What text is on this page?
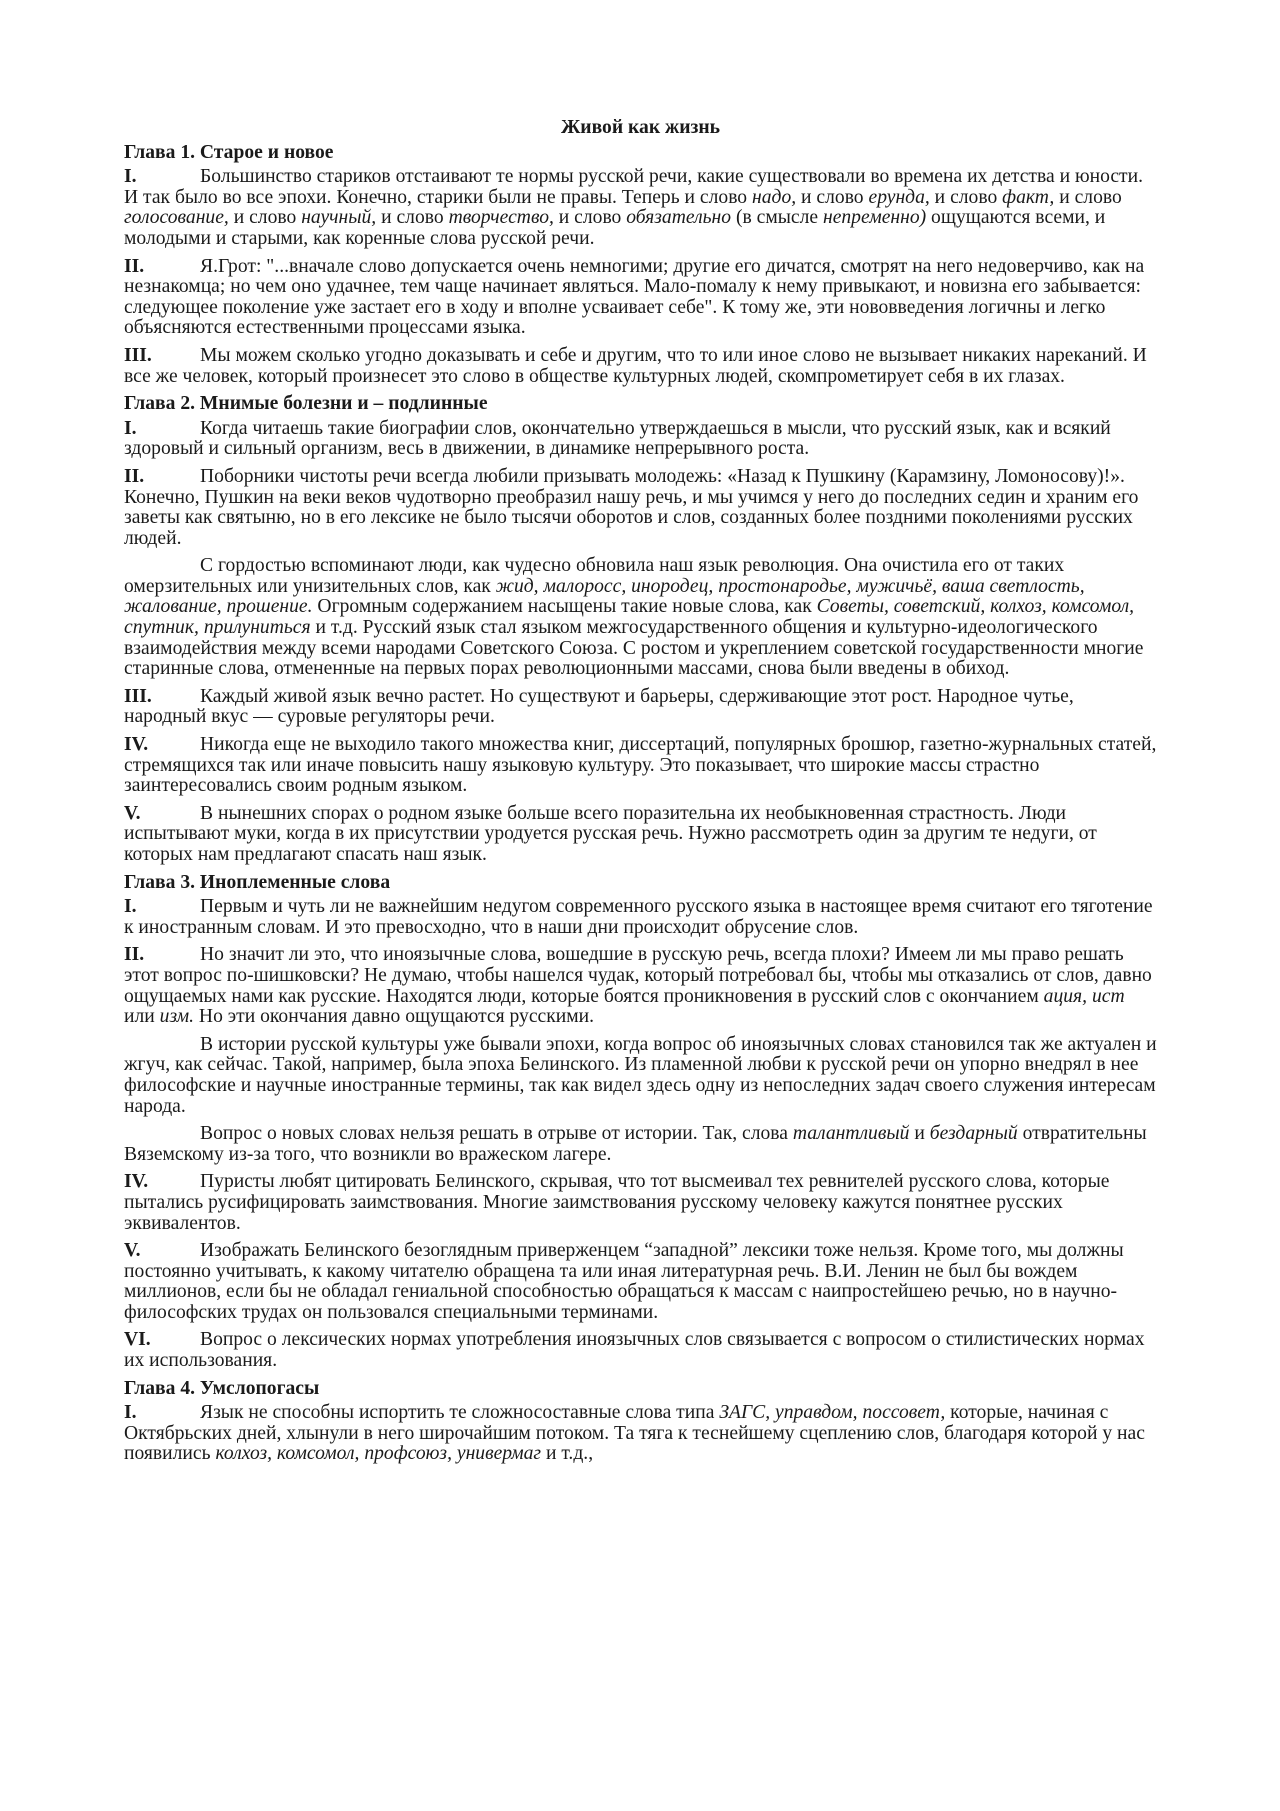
Живой как жизнь
Глава 1. Старое и новое

I.	Большинство стариков отстаивают те нормы русской речи, какие существовали во времена их детства и юности. И так было во все эпохи. Конечно, старики были не правы. Теперь и слово надо, и слово ерунда, и слово факт, и слово голосование, и слово научный, и слово творчество, и слово обязательно (в смысле непременно) ощущаются всеми, и молодыми и старыми, как коренные слова русской речи.

II.	Я.Грот: "...вначале слово допускается очень немногими; другие его дичатся, смотрят на него недоверчиво, как на незнакомца; но чем оно удачнее, тем чаще начинает являться. Мало-помалу к нему привыкают, и новизна его забывается: следующее поколение уже застает его в ходу и вполне усваивает себе". К тому же, эти нововведения логичны и легко объясняются естественными процессами языка.

III. Мы можем сколько угодно доказывать и себе и другим, что то или иное слово не вызывает никаких нареканий. И все же человек, который произнесет это слово в обществе культурных людей, скомпрометирует себя в их глазах.

Глава 2. Мнимые болезни и – подлинные

I.	Когда читаешь такие биографии слов, окончательно утверждаешься в мысли, что русский язык, как и всякий здоровый и сильный организм, весь в движении, в динамике непрерывного роста.

II.	Поборники чистоты речи всегда любили призывать молодежь: «Назад к Пушкину (Карамзину, Ломоносову)!». Конечно, Пушкин на веки веков чудотворно преобразил нашу речь, и мы учимся у него до последних седин и храним его заветы как святыню, но в его лексике не было тысячи оборотов и слов, созданных более поздними поколениями русских людей.

С гордостью вспоминают люди, как чудесно обновила наш язык революция. Она очистила его от таких омерзительных или унизительных слов, как жид, малоросс, инородец, простонародье, мужичьё, ваша светлость, жалование, прошение. Огромным содержанием насыщены такие новые слова, как Советы, советский, колхоз, комсомол, спутник, прилуниться и т.д. Русский язык стал языком межгосударственного общения и культурно-идеологического взаимодействия между всеми народами Советского Союза. С ростом и укреплением советской государственности многие старинные слова, отмененные на первых порах революционными массами, снова были введены в обиход.

III. Каждый живой язык вечно растет. Но существуют и барьеры, сдерживающие этот рост. Народное чутье, народный вкус — суровые регуляторы речи.

IV.	Никогда еще не выходило такого множества книг, диссертаций, популярных брошюр, газетно-журнальных статей, стремящихся так или иначе повысить нашу языковую культуру. Это показывает, что широкие массы страстно заинтересовались своим родным языком.

V.	В нынешних спорах о родном языке больше всего поразительна их необыкновенная страстность. Люди испытывают муки, когда в их присутствии уродуется русская речь. Нужно рассмотреть один за другим те недуги, от которых нам предлагают спасать наш язык.

Глава 3. Иноплеменные слова

I.	Первым и чуть ли не важнейшим недугом современного русского языка в настоящее время считают его тяготение к иностранным словам. И это превосходно, что в наши дни происходит обрусение слов.

II.	Но значит ли это, что иноязычные слова, вошедшие в русскую речь, всегда плохи? Имеем ли мы право решать этот вопрос по-шишковски? Не думаю, чтобы нашелся чудак, который потребовал бы, чтобы мы отказались от слов, давно ощущаемых нами как русские. Находятся люди, которые боятся проникновения в русский слов с окончанием ация, ист или изм. Но эти окончания давно ощущаются русскими.

В истории русской культуры уже бывали эпохи, когда вопрос об иноязычных словах становился так же актуален и жгуч, как сейчас. Такой, например, была эпоха Белинского. Из пламенной любви к русской речи он упорно внедрял в нее философские и научные иностранные термины, так как видел здесь одну из непоследних задач своего служения интересам народа.

Вопрос о новых словах нельзя решать в отрыве от истории. Так, слова талантливый и бездарный отвратительны Вяземскому из-за того, что возникли во вражеском лагере.

IV.	Пуристы любят цитировать Белинского, скрывая, что тот высмеивал тех ревнителей русского слова, которые пытались русифицировать заимствования. Многие заимствования русскому человеку кажутся понятнее русских эквивалентов.

V.	Изображать Белинского безоглядным приверженцем “западной” лексики тоже нельзя. Кроме того, мы должны постоянно учитывать, к какому читателю обращена та или иная литературная речь. В.И. Ленин не был бы вождем миллионов, если бы не обладал гениальной способностью обращаться к массам с наипростейшею речью, но в научно-философских трудах он пользовался специальными терминами.

VI.	Вопрос о лексических нормах употребления иноязычных слов связывается с вопросом о стилистических нормах их использования.

Глава 4. Умслопогасы

I.	Язык не способны испортить те сложносоставные слова типа ЗАГС, управдом, поссовет, которые, начиная с Октябрьских дней, хлынули в него широчайшим потоком. Та тяга к теснейшему сцеплению слов, благодаря которой у нас появились колхоз, комсомол, профсоюз, универмаг и т.д.,
